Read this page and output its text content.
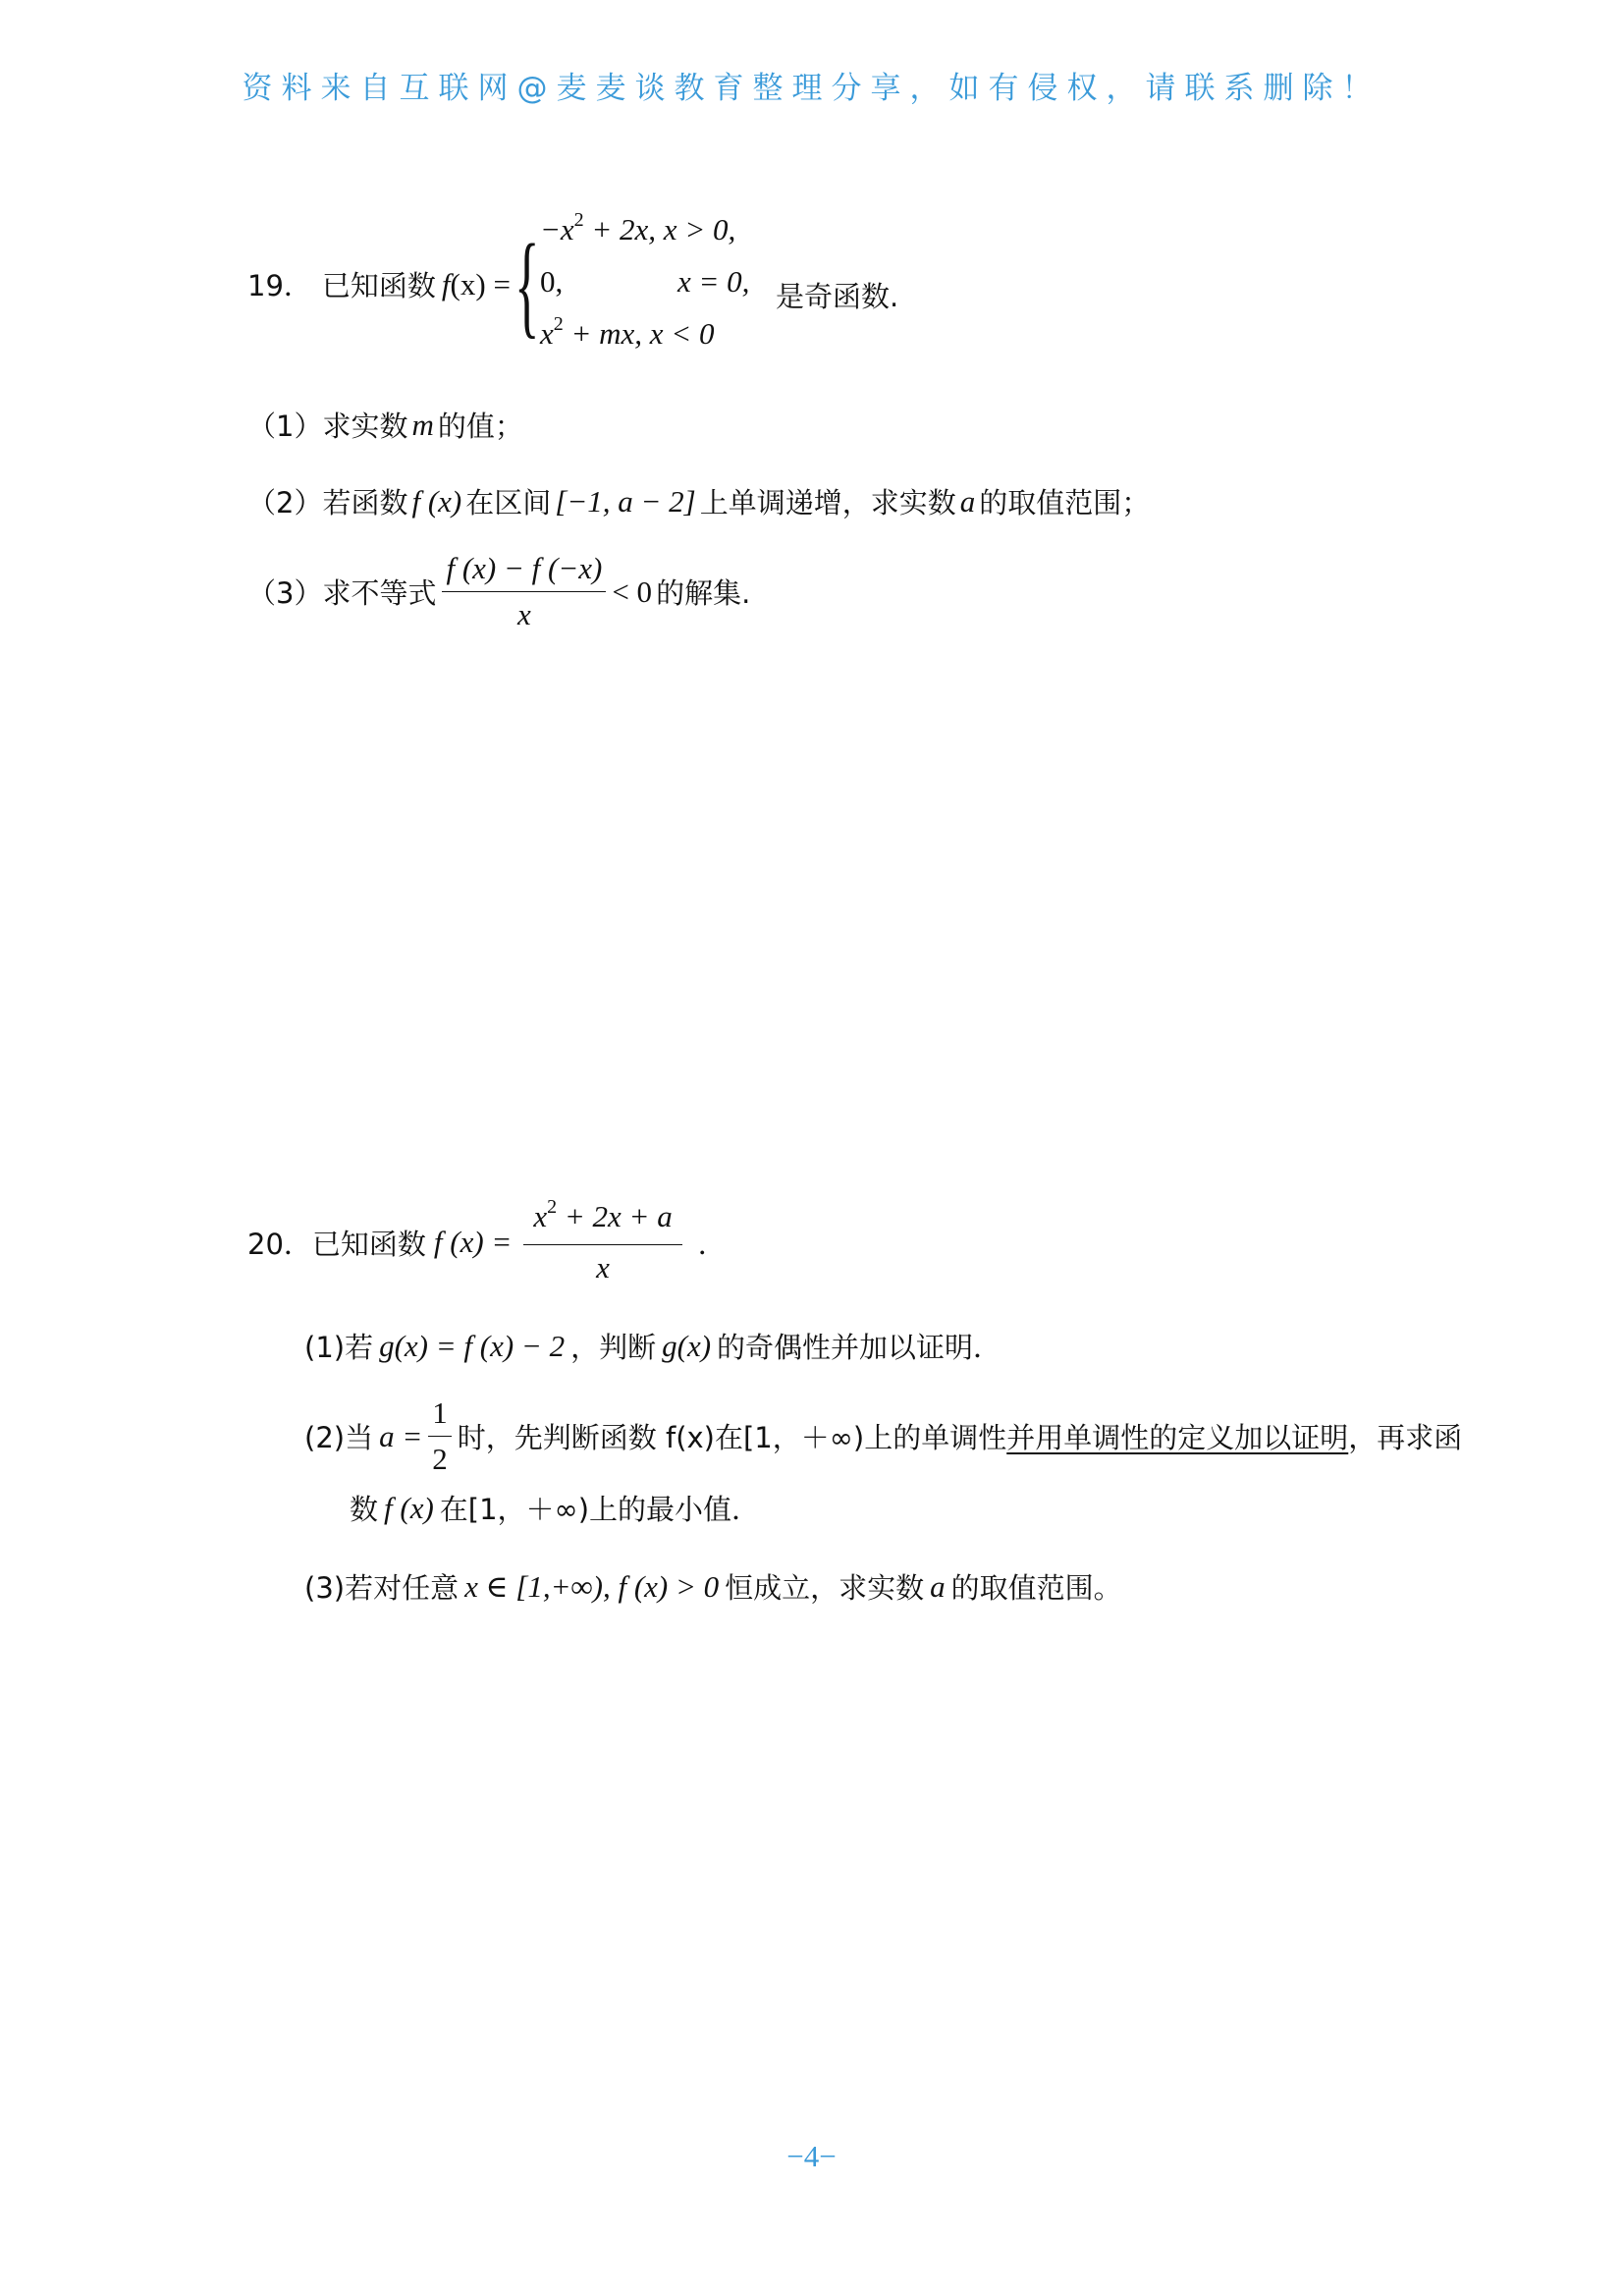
资料来自互联网@麦麦谈教育整理分享，如有侵权，请联系删除！
19． 已知函数 f (x) = { −x2 + 2x, x > 0,
0,	x = 0,
x2 + mx, x < 0
是奇函数.
（1）求实数 m 的值；
（2）若函数 f (x) 在区间 [−1, a − 2] 上单调递增，求实数 a 的取值范围；
（3）求不等式 $\frac{f (x) - f (-x)}{x} < 0$ 的解集.
20．已知函数 f $(x) = \frac{x2 + 2x + a}{x}$ ．
(1)若 g(x) = f (x) − 2 ，判断 g(x) 的奇偶性并加以证明．
(2)当 $a = \frac{1}{2}$ 时，先判断函数 f(x)在[1，＋∞)上的单调性 并用单调性的定义加以证明 ，再求函
数 f (x) 在[1，＋∞)上的最小值．
(3)若对任意 x ∈ [1,+∞), f (x) > 0 恒成立，求实数 a 的取值范围。
−4−
